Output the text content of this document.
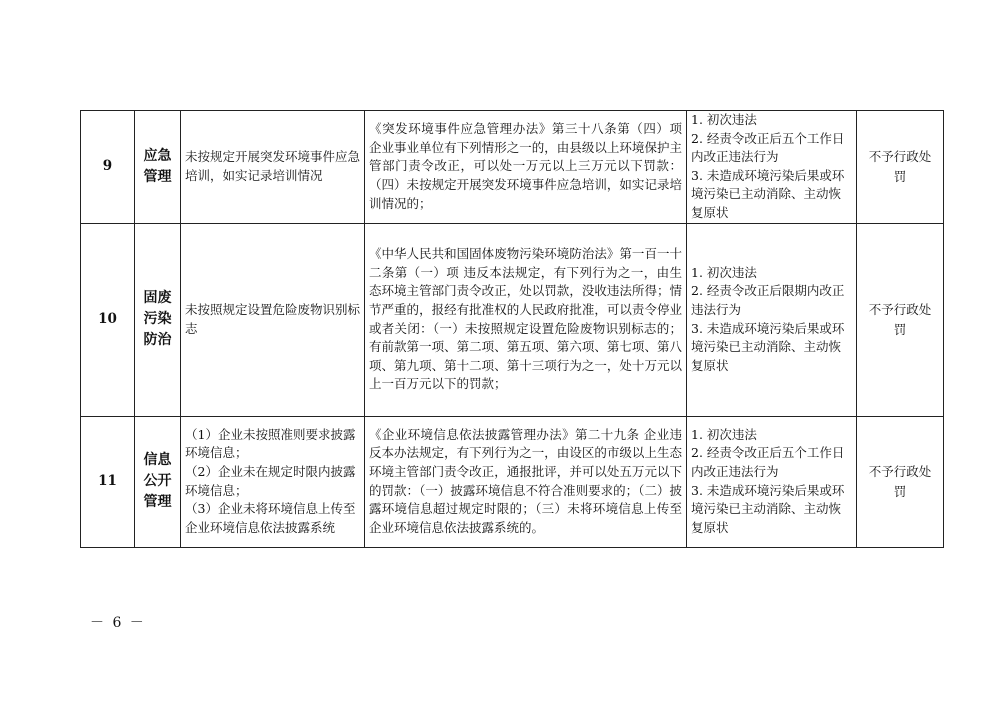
9	应急
管理	未按规定开展突发环境事件应急培训，如实记录培训情况	《突发环境事件应急管理办法》第三十八条第（四）项 企业事业单位有下列情形之一的，由县级以上环境保护主管部门责令改正，可以处一万元以上三万元以下罚款：（四）未按规定开展突发环境事件应急培训，如实记录培训情况的；	1. 初次违法
2. 经责令改正后五个工作日内改正违法行为
3. 未造成环境污染后果或环境污染已主动消除、主动恢复原状	不予行政处罚
10	固废
污染
防治	未按照规定设置危险废物识别标志	《中华人民共和国固体废物污染环境防治法》第一百一十二条第（一）项 违反本法规定，有下列行为之一，由生态环境主管部门责令改正，处以罚款，没收违法所得；情节严重的，报经有批准权的人民政府批准，可以责令停业或者关闭：（一）未按照规定设置危险废物识别标志的；有前款第一项、第二项、第五项、第六项、第七项、第八项、第九项、第十二项、第十三项行为之一，处十万元以上一百万元以下的罚款；	1. 初次违法
2. 经责令改正后限期内改正违法行为
3. 未造成环境污染后果或环境污染已主动消除、主动恢复原状	不予行政处罚
11	信息
公开
管理	（1）企业未按照准则要求披露环境信息；
（2）企业未在规定时限内披露环境信息；
（3）企业未将环境信息上传至企业环境信息依法披露系统	《企业环境信息依法披露管理办法》第二十九条 企业违反本办法规定，有下列行为之一，由设区的市级以上生态环境主管部门责令改正，通报批评，并可以处五万元以下的罚款：（一）披露环境信息不符合准则要求的；（二）披露环境信息超过规定时限的；（三）未将环境信息上传至企业环境信息依法披露系统的。	1. 初次违法
2. 经责令改正后五个工作日内改正违法行为
3. 未造成环境污染后果或环境污染已主动消除、主动恢复原状	不予行政处罚
－ 6 －
